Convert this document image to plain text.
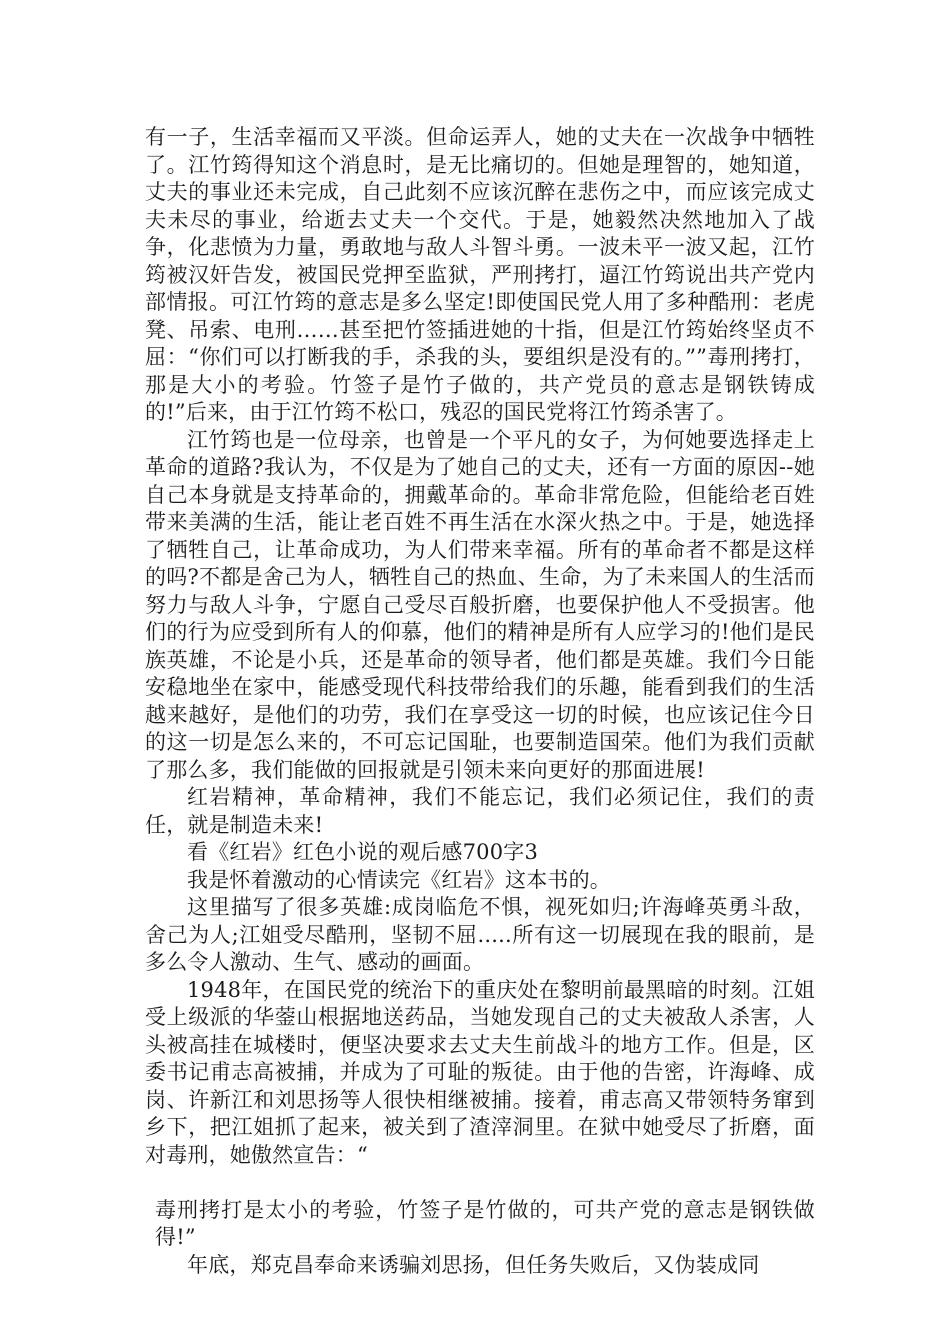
有一子，生活幸福而又平淡。但命运弄人，她的丈夫在一次战争中牺牲了。江竹筠得知这个消息时，是无比痛切的。但她是理智的，她知道，丈夫的事业还未完成，自己此刻不应该沉醉在悲伤之中，而应该完成丈夫未尽的事业，给逝去丈夫一个交代。于是，她毅然决然地加入了战争，化悲愤为力量，勇敢地与敌人斗智斗勇。一波未平一波又起，江竹筠被汉奸告发，被国民党押至监狱，严刑拷打，逼江竹筠说出共产党内部情报。可江竹筠的意志是多么坚定!即使国民党人用了多种酷刑：老虎凳、吊索、电刑……甚至把竹签插进她的十指，但是江竹筠始终坚贞不屈：“你们可以打断我的手，杀我的头，要组织是没有的。””毒刑拷打，那是大小的考验。竹签子是竹子做的，共产党员的意志是钢铁铸成的!”后来，由于江竹筠不松口，残忍的国民党将江竹筠杀害了。

江竹筠也是一位母亲，也曾是一个平凡的女子，为何她要选择走上革命的道路?我认为，不仅是为了她自己的丈夫，还有一方面的原因--她自己本身就是支持革命的，拥戴革命的。革命非常危险，但能给老百姓带来美满的生活，能让老百姓不再生活在水深火热之中。于是，她选择了牺牲自己，让革命成功，为人们带来幸福。所有的革命者不都是这样的吗?不都是舍己为人，牺牲自己的热血、生命，为了未来国人的生活而努力与敌人斗争，宁愿自己受尽百般折磨，也要保护他人不受损害。他们的行为应受到所有人的仰慕，他们的精神是所有人应学习的!他们是民族英雄，不论是小兵，还是革命的领导者，他们都是英雄。我们今日能安稳地坐在家中，能感受现代科技带给我们的乐趣，能看到我们的生活越来越好，是他们的功劳，我们在享受这一切的时候，也应该记住今日的这一切是怎么来的，不可忘记国耻，也要制造国荣。他们为我们贡献了那么多，我们能做的回报就是引领未来向更好的那面进展!

红岩精神，革命精神，我们不能忘记，我们必须记住，我们的责任，就是制造未来!

看《红岩》红色小说的观后感700字3

我是怀着激动的心情读完《红岩》这本书的。

这里描写了很多英雄:成岗临危不惧，视死如归;许海峰英勇斗敌，舍己为人;江姐受尽酷刑，坚韧不屈.....所有这一切展现在我的眼前，是多么令人激动、生气、感动的画面。

1948年，在国民党的统治下的重庆处在黎明前最黑暗的时刻。江姐受上级派的华蓥山根据地送药品，当她发现自己的丈夫被敌人杀害，人头被高挂在城楼时，便坚决要求去丈夫生前战斗的地方工作。但是，区委书记甫志高被捕，并成为了可耻的叛徒。由于他的告密，许海峰、成岗、许新江和刘思扬等人很快相继被捕。接着，甫志高又带领特务窜到乡下，把江姐抓了起来，被关到了渣滓洞里。在狱中她受尽了折磨，面对毒刑，她傲然宣告：“

毒刑拷打是太小的考验，竹签子是竹做的，可共产党的意志是钢铁做得!”

年底，郑克昌奉命来诱骗刘思扬，但任务失败后，又伪装成同
